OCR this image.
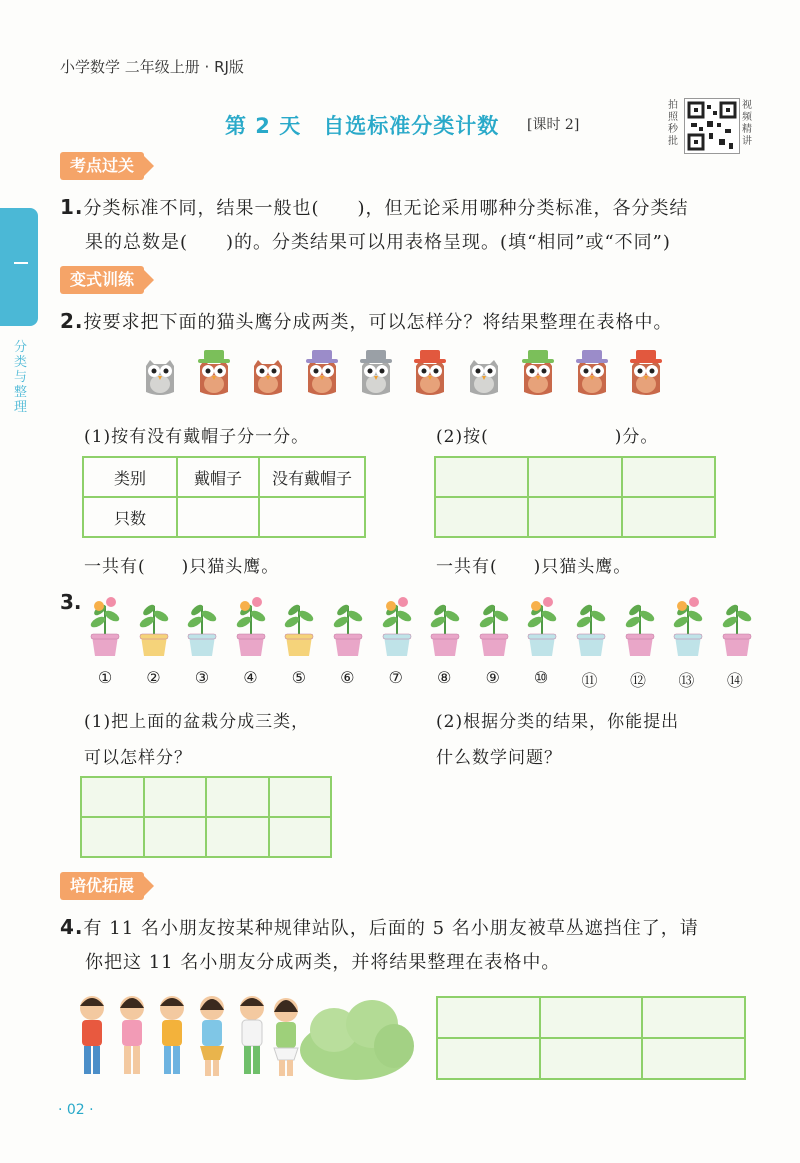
小学数学 二年级上册 · RJ版
第 2 天 自选标准分类计数 [课时 2]
拍照秒批
视频精讲
分类与整理
考点过关
1.分类标准不同，结果一般也(　　)，但无论采用哪种分类标准，各分类结
果的总数是(　　)的。分类结果可以用表格呈现。(填“相同”或“不同”)
变式训练
2.按要求把下面的猫头鹰分成两类，可以怎样分？将结果整理在表格中。
(1)按有没有戴帽子分一分。	(2)按(　　　　　　　)分。
类别	戴帽子	没有戴帽子
只数		

一共有(　　)只猫头鹰。	一共有(　　)只猫头鹰。
3.
①	②	③	④	⑤	⑥	⑦	⑧	⑨	⑩	⑪	⑫	⑬	⑭
(1)把上面的盆栽分成三类，
可以怎样分？
(2)根据分类的结果，你能提出
什么数学问题？

培优拓展
4.有 11 名小朋友按某种规律站队，后面的 5 名小朋友被草丛遮挡住了，请
你把这 11 名小朋友分成两类，并将结果整理在表格中。

· 02 ·
